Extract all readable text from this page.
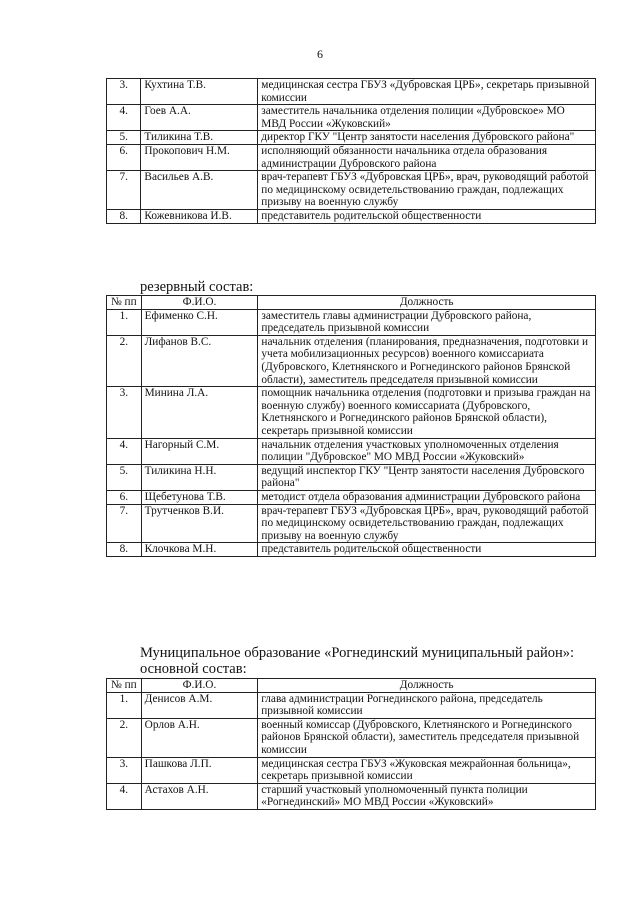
6
3.	Кухтина Т.В.	медицинская сестра ГБУЗ «Дубровская ЦРБ», секретарь призывной комиссии
4.	Гоев А.А.	заместитель начальника отделения полиции «Дубровское» МО МВД России «Жуковский»
5.	Тиликина Т.В.	директор ГКУ "Центр занятости населения Дубровского района"
6.	Прокопович Н.М.	исполняющий обязанности начальника отдела образования администрации Дубровского района
7.	Васильев А.В.	врач-терапевт ГБУЗ «Дубровская ЦРБ», врач, руководящий работой по медицинскому освидетельствованию граждан, подлежащих призыву на военную службу
8.	Кожевникова И.В.	представитель родительской общественности
резервный состав:
№ пп	Ф.И.О.	Должность
1.	Ефименко С.Н.	заместитель главы администрации Дубровского района, председатель призывной комиссии
2.	Лифанов В.С.	начальник отделения (планирования, предназначения, подготовки и учета мобилизационных ресурсов) военного комиссариата (Дубровского, Клетнянского и Рогнединского районов Брянской области), заместитель председателя призывной комиссии
3.	Минина Л.А.	помощник начальника отделения (подготовки и призыва граждан на военную службу) военного комиссариата (Дубровского, Клетнянского и Рогнединского районов Брянской области), секретарь призывной комиссии
4.	Нагорный С.М.	начальник отделения участковых уполномоченных отделения полиции "Дубровское" МО МВД России «Жуковский»
5.	Тиликина Н.Н.	ведущий инспектор ГКУ "Центр занятости населения Дубровского района"
6.	Щебетунова Т.В.	методист отдела образования администрации Дубровского района
7.	Трутченков В.И.	врач-терапевт ГБУЗ «Дубровская ЦРБ», врач, руководящий работой по медицинскому освидетельствованию граждан, подлежащих призыву на военную службу
8.	Клочкова М.Н.	представитель родительской общественности
Муниципальное образование «Рогнединский муниципальный район»:
основной состав:
№ пп	Ф.И.О.	Должность
1.	Денисов А.М.	глава администрации Рогнединского района, председатель призывной комиссии
2.	Орлов А.Н.	военный комиссар (Дубровского, Клетнянского и Рогнединского районов Брянской области), заместитель председателя призывной комиссии
3.	Пашкова Л.П.	медицинская сестра ГБУЗ «Жуковская межрайонная больница», секретарь призывной комиссии
4.	Астахов А.Н.	старший участковый уполномоченный пункта полиции «Рогнединский» МО МВД России «Жуковский»
